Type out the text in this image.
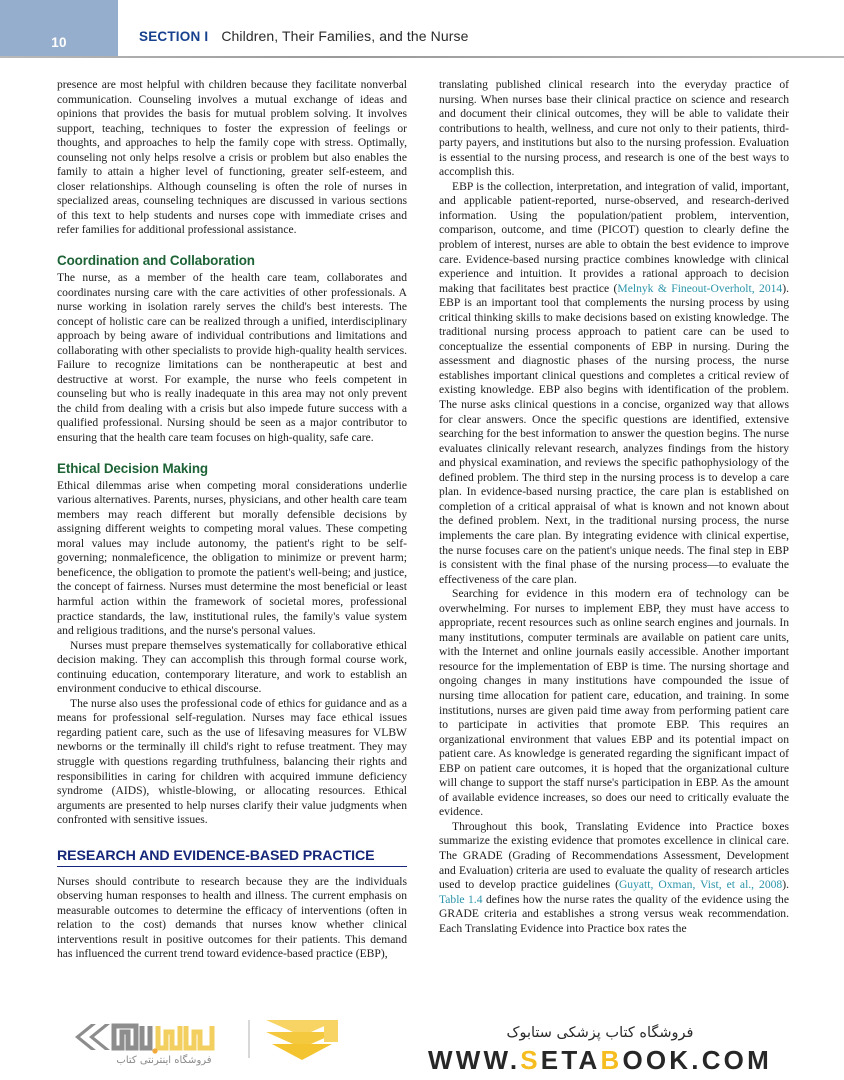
10	SECTION I Children, Their Families, and the Nurse

presence are most helpful with children because they facilitate nonverbal communication. Counseling involves a mutual exchange of ideas and opinions that provides the basis for mutual problem solving. It involves support, teaching, techniques to foster the expression of feelings or thoughts, and approaches to help the family cope with stress. Optimally, counseling not only helps resolve a crisis or problem but also enables the family to attain a higher level of functioning, greater self-esteem, and closer relationships. Although counseling is often the role of nurses in specialized areas, counseling techniques are discussed in various sections of this text to help students and nurses cope with immediate crises and refer families for additional professional assistance.

Coordination and Collaboration

The nurse, as a member of the health care team, collaborates and coordinates nursing care with the care activities of other professionals. A nurse working in isolation rarely serves the child's best interests. The concept of holistic care can be realized through a unified, interdisciplinary approach by being aware of individual contributions and limitations and collaborating with other specialists to provide high-quality health services. Failure to recognize limitations can be nontherapeutic at best and destructive at worst. For example, the nurse who feels competent in counseling but who is really inadequate in this area may not only prevent the child from dealing with a crisis but also impede future success with a qualified professional. Nursing should be seen as a major contributor to ensuring that the health care team focuses on high-quality, safe care.

Ethical Decision Making

Ethical dilemmas arise when competing moral considerations underlie various alternatives. Parents, nurses, physicians, and other health care team members may reach different but morally defensible decisions by assigning different weights to competing moral values. These competing moral values may include autonomy, the patient's right to be self-governing; nonmaleficence, the obligation to minimize or prevent harm; beneficence, the obligation to promote the patient's well-being; and justice, the concept of fairness. Nurses must determine the most beneficial or least harmful action within the framework of societal mores, professional practice standards, the law, institutional rules, the family's value system and religious traditions, and the nurse's personal values.

Nurses must prepare themselves systematically for collaborative ethical decision making. They can accomplish this through formal course work, continuing education, contemporary literature, and work to establish an environment conducive to ethical discourse.

The nurse also uses the professional code of ethics for guidance and as a means for professional self-regulation. Nurses may face ethical issues regarding patient care, such as the use of lifesaving measures for VLBW newborns or the terminally ill child's right to refuse treatment. They may struggle with questions regarding truthfulness, balancing their rights and responsibilities in caring for children with acquired immune deficiency syndrome (AIDS), whistle-blowing, or allocating resources. Ethical arguments are presented to help nurses clarify their value judgments when confronted with sensitive issues.

RESEARCH AND EVIDENCE-BASED PRACTICE

Nurses should contribute to research because they are the individuals observing human responses to health and illness. The current emphasis on measurable outcomes to determine the efficacy of interventions (often in relation to the cost) demands that nurses know whether clinical interventions result in positive outcomes for their patients. This demand has influenced the current trend toward evidence-based practice (EBP),

translating published clinical research into the everyday practice of nursing. When nurses base their clinical practice on science and research and document their clinical outcomes, they will be able to validate their contributions to health, wellness, and cure not only to their patients, third-party payers, and institutions but also to the nursing profession. Evaluation is essential to the nursing process, and research is one of the best ways to accomplish this.

EBP is the collection, interpretation, and integration of valid, important, and applicable patient-reported, nurse-observed, and research-derived information. Using the population/patient problem, intervention, comparison, outcome, and time (PICOT) question to clearly define the problem of interest, nurses are able to obtain the best evidence to improve care. Evidence-based nursing practice combines knowledge with clinical experience and intuition. It provides a rational approach to decision making that facilitates best practice (Melnyk & Fineout-Overholt, 2014). EBP is an important tool that complements the nursing process by using critical thinking skills to make decisions based on existing knowledge. The traditional nursing process approach to patient care can be used to conceptualize the essential components of EBP in nursing. During the assessment and diagnostic phases of the nursing process, the nurse establishes important clinical questions and completes a critical review of existing knowledge. EBP also begins with identification of the problem. The nurse asks clinical questions in a concise, organized way that allows for clear answers. Once the specific questions are identified, extensive searching for the best information to answer the question begins. The nurse evaluates clinically relevant research, analyzes findings from the history and physical examination, and reviews the specific pathophysiology of the defined problem. The third step in the nursing process is to develop a care plan. In evidence-based nursing practice, the care plan is established on completion of a critical appraisal of what is known and not known about the defined problem. Next, in the traditional nursing process, the nurse implements the care plan. By integrating evidence with clinical expertise, the nurse focuses care on the patient's unique needs. The final step in EBP is consistent with the final phase of the nursing process—to evaluate the effectiveness of the care plan.

Searching for evidence in this modern era of technology can be overwhelming. For nurses to implement EBP, they must have access to appropriate, recent resources such as online search engines and journals. In many institutions, computer terminals are available on patient care units, with the Internet and online journals easily accessible. Another important resource for the implementation of EBP is time. The nursing shortage and ongoing changes in many institutions have compounded the issue of nursing time allocation for patient care, education, and training. In some institutions, nurses are given paid time away from performing patient care to participate in activities that promote EBP. This requires an organizational environment that values EBP and its potential impact on patient care. As knowledge is generated regarding the significant impact of EBP on patient care outcomes, it is hoped that the organizational culture will change to support the staff nurse's participation in EBP. As the amount of available evidence increases, so does our need to critically evaluate the evidence.

Throughout this book, Translating Evidence into Practice boxes summarize the existing evidence that promotes excellence in clinical care. The GRADE (Grading of Recommendations Assessment, Development and Evaluation) criteria are used to evaluate the quality of research articles used to develop practice guidelines (Guyatt, Oxman, Vist, et al., 2008). Table 1.4 defines how the nurse rates the quality of the evidence using the GRADE criteria and establishes a strong versus weak recommendation. Each Translating Evidence into Practice box rates the

فروشگاه اینترنتی کتاب
فروشگاه کتاب پزشکی ستابوک
WWW.SETABOOK.COM
